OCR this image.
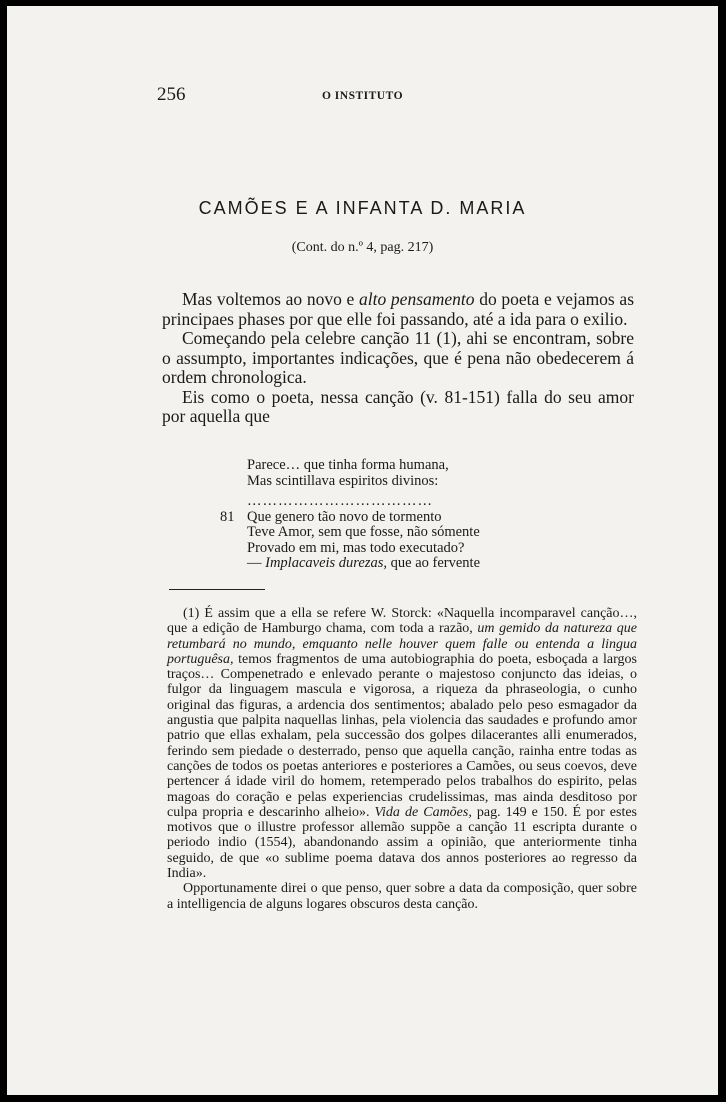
256	O INSTITUTO
CAMÕES E A INFANTA D. MARIA
(Cont. do n.º 4, pag. 217)

Mas voltemos ao novo e alto pensamento do poeta e vejamos as principaes phases por que elle foi passando, até a ida para o exilio.

Começando pela celebre canção 11 (1), ahi se encontram, sobre o assumpto, importantes indicações, que é pena não obedecerem á ordem chronologica.

Eis como o poeta, nessa canção (v. 81-151) falla do seu amor por aquella que

Parece… que tinha forma humana,
Mas scintillava espiritos divinos:
………………………………
81 Que genero tão novo de tormento
Teve Amor, sem que fosse, não sómente
Provado em mi, mas todo executado?
— Implacaveis durezas, que ao fervente

(1) É assim que a ella se refere W. Storck: «Naquella incomparavel canção…, que a edição de Hamburgo chama, com toda a razão, um gemido da natureza que retumbará no mundo, emquanto nelle houver quem falle ou entenda a lingua portuguêsa, temos fragmentos de uma autobiographia do poeta, esboçada a largos traços… Compenetrado e enlevado perante o majestoso conjuncto das ideias, o fulgor da linguagem mascula e vigorosa, a riqueza da phraseologia, o cunho original das figuras, a ardencia dos sentimentos; abalado pelo peso esmagador da angustia que palpita naquellas linhas, pela violencia das saudades e profundo amor patrio que ellas exhalam, pela successão dos golpes dilacerantes alli enumerados, ferindo sem piedade o desterrado, penso que aquella canção, rainha entre todas as canções de todos os poetas anteriores e posteriores a Camões, ou seus coevos, deve pertencer á idade viril do homem, retemperado pelos trabalhos do espirito, pelas magoas do coração e pelas experiencias crudelissimas, mas ainda desditoso por culpa propria e descarinho alheio». Vida de Camões, pag. 149 e 150. É por estes motivos que o illustre professor allemão suppõe a canção 11 escripta durante o periodo indio (1554), abandonando assim a opinião, que anteriormente tinha seguido, de que «o sublime poema datava dos annos posteriores ao regresso da India».

Opportunamente direi o que penso, quer sobre a data da composição, quer sobre a intelligencia de alguns logares obscuros desta canção.
